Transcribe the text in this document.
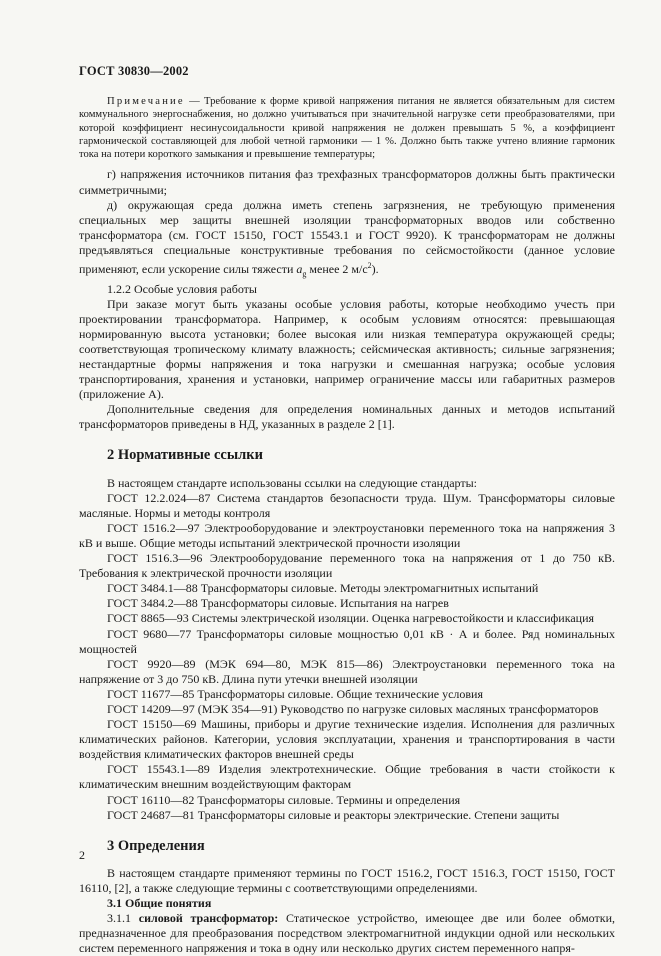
ГОСТ 30830—2002

Примечание — Требование к форме кривой напряжения питания не является обязательным для систем коммунального энергоснабжения, но должно учитываться при значительной нагрузке сети преобразователями, при которой коэффициент несинусоидальности кривой напряжения не должен превышать 5 %, а коэффициент гармонической составляющей для любой четной гармоники — 1 %. Должно быть также учтено влияние гармоник тока на потери короткого замыкания и превышение температуры;

г) напряжения источников питания фаз трехфазных трансформаторов должны быть практически симметричными;

д) окружающая среда должна иметь степень загрязнения, не требующую применения специальных мер защиты внешней изоляции трансформаторных вводов или собственно трансформатора (см. ГОСТ 15150, ГОСТ 15543.1 и ГОСТ 9920). К трансформаторам не должны предъявляться специальные конструктивные требования по сейсмостойкости (данное условие применяют, если ускорение силы тяжести $a_g$ менее 2 $м/с^2$).

1.2.2 Особые условия работы

При заказе могут быть указаны особые условия работы, которые необходимо учесть при проектировании трансформатора. Например, к особым условиям относятся: превышающая нормированную высота установки; более высокая или низкая температура окружающей среды; соответствующая тропическому климату влажность; сейсмическая активность; сильные загрязнения; нестандартные формы напряжения и тока нагрузки и смешанная нагрузка; особые условия транспортирования, хранения и установки, например ограничение массы или габаритных размеров (приложение А).

Дополнительные сведения для определения номинальных данных и методов испытаний трансформаторов приведены в НД, указанных в разделе 2 [1].

2 Нормативные ссылки

В настоящем стандарте использованы ссылки на следующие стандарты:

ГОСТ 12.2.024—87 Система стандартов безопасности труда. Шум. Трансформаторы силовые масляные. Нормы и методы контроля

ГОСТ 1516.2—97 Электрооборудование и электроустановки переменного тока на напряжения 3 кВ и выше. Общие методы испытаний электрической прочности изоляции

ГОСТ 1516.3—96 Электрооборудование переменного тока на напряжения от 1 до 750 кВ. Требования к электрической прочности изоляции

ГОСТ 3484.1—88 Трансформаторы силовые. Методы электромагнитных испытаний

ГОСТ 3484.2—88 Трансформаторы силовые. Испытания на нагрев

ГОСТ 8865—93 Системы электрической изоляции. Оценка нагревостойкости и классификация

ГОСТ 9680—77 Трансформаторы силовые мощностью 0,01 кВ · А и более. Ряд номинальных мощностей

ГОСТ 9920—89 (МЭК 694—80, МЭК 815—86) Электроустановки переменного тока на напряжение от 3 до 750 кВ. Длина пути утечки внешней изоляции

ГОСТ 11677—85 Трансформаторы силовые. Общие технические условия

ГОСТ 14209—97 (МЭК 354—91) Руководство по нагрузке силовых масляных трансформаторов

ГОСТ 15150—69 Машины, приборы и другие технические изделия. Исполнения для различных климатических районов. Категории, условия эксплуатации, хранения и транспортирования в части воздействия климатических факторов внешней среды

ГОСТ 15543.1—89 Изделия электротехнические. Общие требования в части стойкости к климатическим внешним воздействующим факторам

ГОСТ 16110—82 Трансформаторы силовые. Термины и определения

ГОСТ 24687—81 Трансформаторы силовые и реакторы электрические. Степени защиты

3 Определения

В настоящем стандарте применяют термины по ГОСТ 1516.2, ГОСТ 1516.3, ГОСТ 15150, ГОСТ 16110, [2], а также следующие термины с соответствующими определениями.

3.1 Общие понятия

3.1.1 силовой трансформатор: Статическое устройство, имеющее две или более обмотки, предназначенное для преобразования посредством электромагнитной индукции одной или нескольких систем переменного напряжения и тока в одну или несколько других систем переменного напря-

2
